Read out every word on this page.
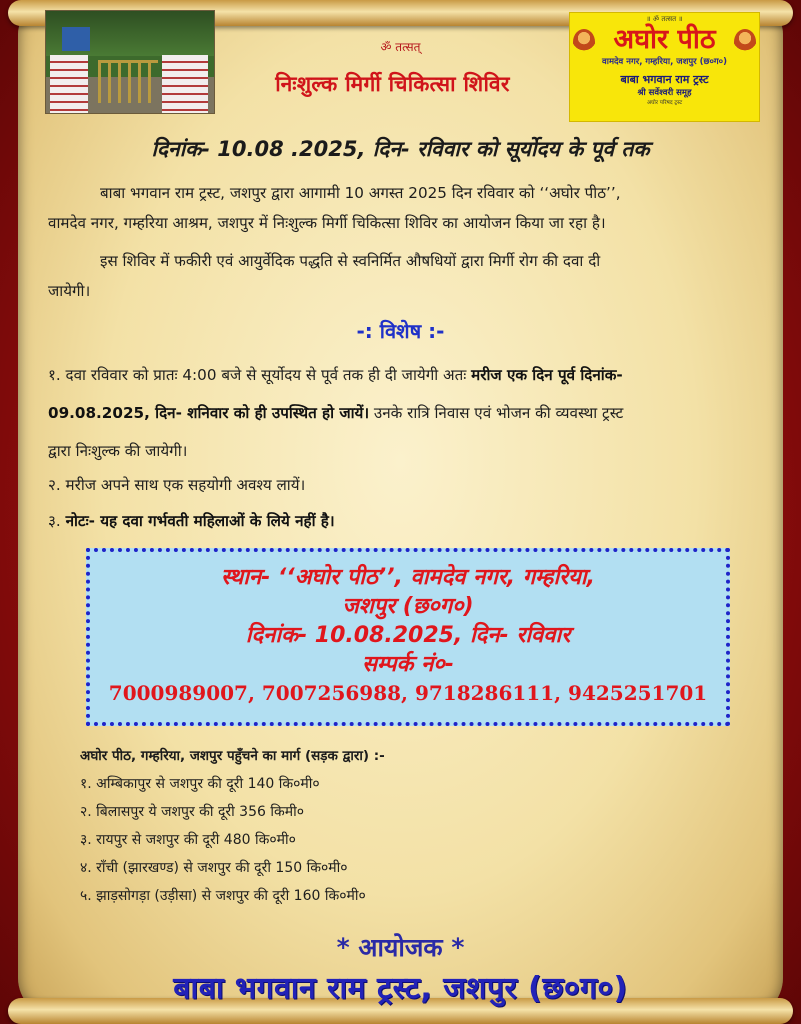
॥ ॐ तत्सत ॥
अघोर पीठ
वामदेव नगर, गम्हरिया, जशपुर (छ०ग०)
बाबा भगवान राम ट्रस्ट
श्री सर्वेश्वरी समूह
अघोर परिषद ट्रस्ट
ॐ तत्सत्
निःशुल्क मिर्गी चिकित्सा शिविर
दिनांक- 10.08 .2025, दिन- रविवार को सूर्योदय के पूर्व तक
बाबा भगवान राम ट्रस्ट, जशपुर द्वारा आगामी 10 अगस्त 2025 दिन रविवार को ‘‘अघोर पीठ’’,
वामदेव नगर, गम्हरिया आश्रम, जशपुर में निःशुल्क मिर्गी चिकित्सा शिविर का आयोजन किया जा रहा है।
इस शिविर में फकीरी एवं आयुर्वेदिक पद्धति से स्वनिर्मित औषधियों द्वारा मिर्गी रोग की दवा दी
जायेगी।
-: विशेष :-
१. दवा रविवार को प्रातः 4:00 बजे से सूर्योदय से पूर्व तक ही दी जायेगी अतः मरीज एक दिन पूर्व दिनांक-
09.08.2025, दिन- शनिवार को ही उपस्थित हो जायें। उनके रात्रि निवास एवं भोजन की व्यवस्था ट्रस्ट
द्वारा निःशुल्क की जायेगी।
२. मरीज अपने साथ एक सहयोगी अवश्य लायें।
३. नोटः- यह दवा गर्भवती महिलाओं के लिये नहीं है।
स्थान- ‘‘अघोर पीठ’’, वामदेव नगर, गम्हरिया,
जशपुर (छ०ग०)
दिनांक- 10.08.2025, दिन- रविवार
सम्पर्क नं०-
7000989007, 7007256988, 9718286111, 9425251701
अघोर पीठ, गम्हरिया, जशपुर पहुँचने का मार्ग (सड़क द्वारा) :-
१. अम्बिकापुर से जशपुर की दूरी 140 कि०मी०
२. बिलासपुर ये जशपुर की दूरी 356 किमी०
३. रायपुर से जशपुर की दूरी 480 कि०मी०
४. राँची (झारखण्ड) से जशपुर की दूरी 150 कि०मी०
५. झाड़सोगड़ा (उड़ीसा) से जशपुर की दूरी 160 कि०मी०
* आयोजक *
बाबा भगवान राम ट्रस्ट, जशपुर (छ०ग०)
